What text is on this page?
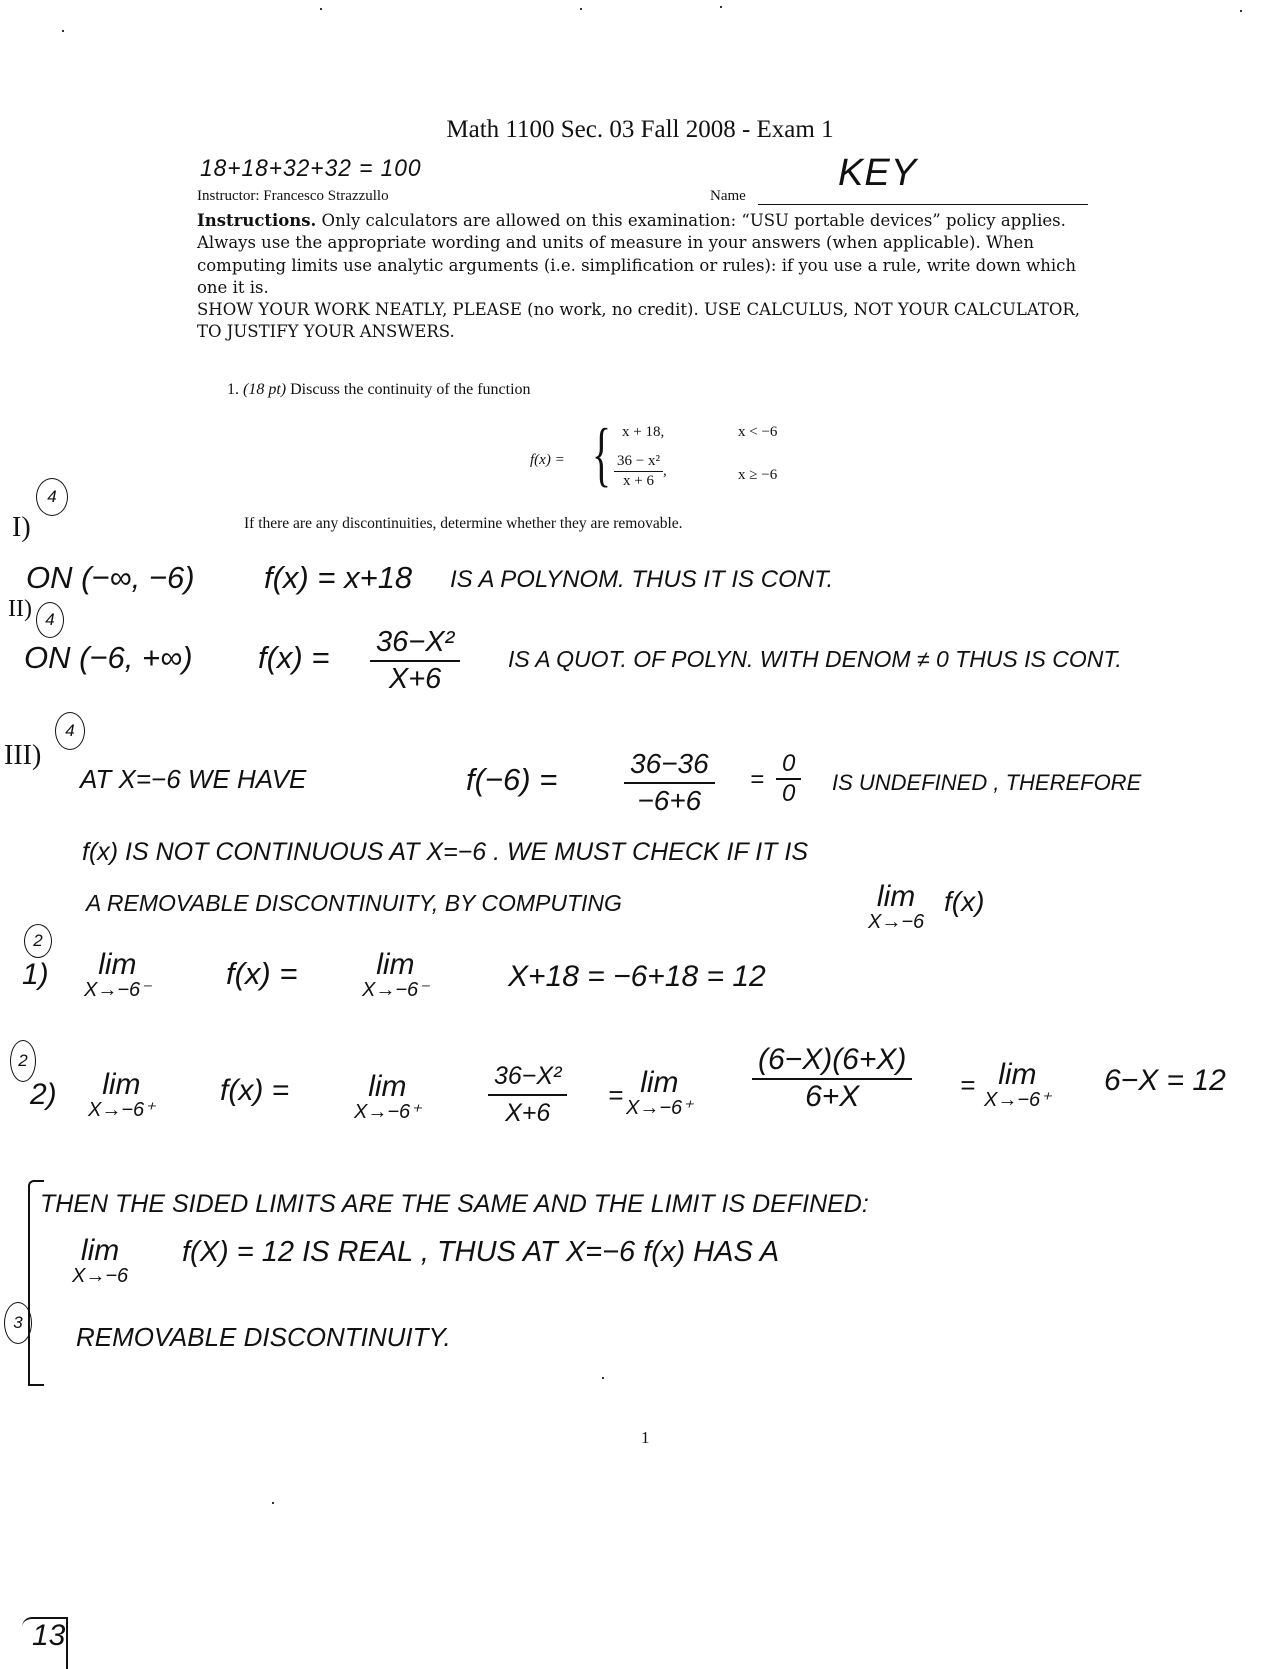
Math 1100 Sec. 03 Fall 2008 - Exam 1
18+18+32+32 = 100
Instructor: Francesco Strazzullo	Name
KEY
Instructions. Only calculators are allowed on this examination: “USU portable devices” policy applies. Always use the appropriate wording and units of measure in your answers (when applicable). When computing limits use analytic arguments (i.e. simplification or rules): if you use a rule, write down which one it is.
SHOW YOUR WORK NEATLY, PLEASE (no work, no credit). USE CALCULUS, NOT YOUR CALCULATOR, TO JUSTIFY YOUR ANSWERS.
1. (18 pt) Discuss the continuity of the function
f(x) = { x + 18,	x < −6
$\frac{\text{36 − x²}}{x + 6}$ ,	x ≥ −6
If there are any discontinuities, determine whether they are removable.
4
I)
ON (−∞, −6) f(x) = x+18 IS A POLYNOM. THUS IT IS CONT.
4
II)
ON (−6, +∞) $f(x) = \frac{\text{36−X²}}{X+6}$ IS A QUOT. OF POLYN. WITH DENOM ≠ 0 THUS IS CONT.
4
III)
AT X=−6 WE HAVE	$f(-6) = \frac{36-36}{-6+6} = \frac{0}{0}$ IS UNDEFINED , THEREFORE
f(x) IS NOT CONTINUOUS AT X=−6 . WE MUST CHECK IF IT IS
A REMOVABLE DISCONTINUITY, BY COMPUTING	lim
X→−6
f(x)
2
1) lim
X→−6⁻ f(x) =	lim
X→−6⁻	X+18 = −6+18 = 12
2
2) lim
X→−6⁺
f(x) =	lim
X→−6⁺	$\frac{\text{36−X²}}{X+6} = \lim$
$X\to-6^+ \frac{(6-X)(6+X)}{6+X} = \lim$
X→−6⁺
6−X = 12
3
THEN THE SIDED LIMITS ARE THE SAME AND THE LIMIT IS DEFINED:
lim
X→−6
f(X) = 12 IS REAL , THUS AT X=−6 f(x) HAS A
REMOVABLE DISCONTINUITY.
1
13
